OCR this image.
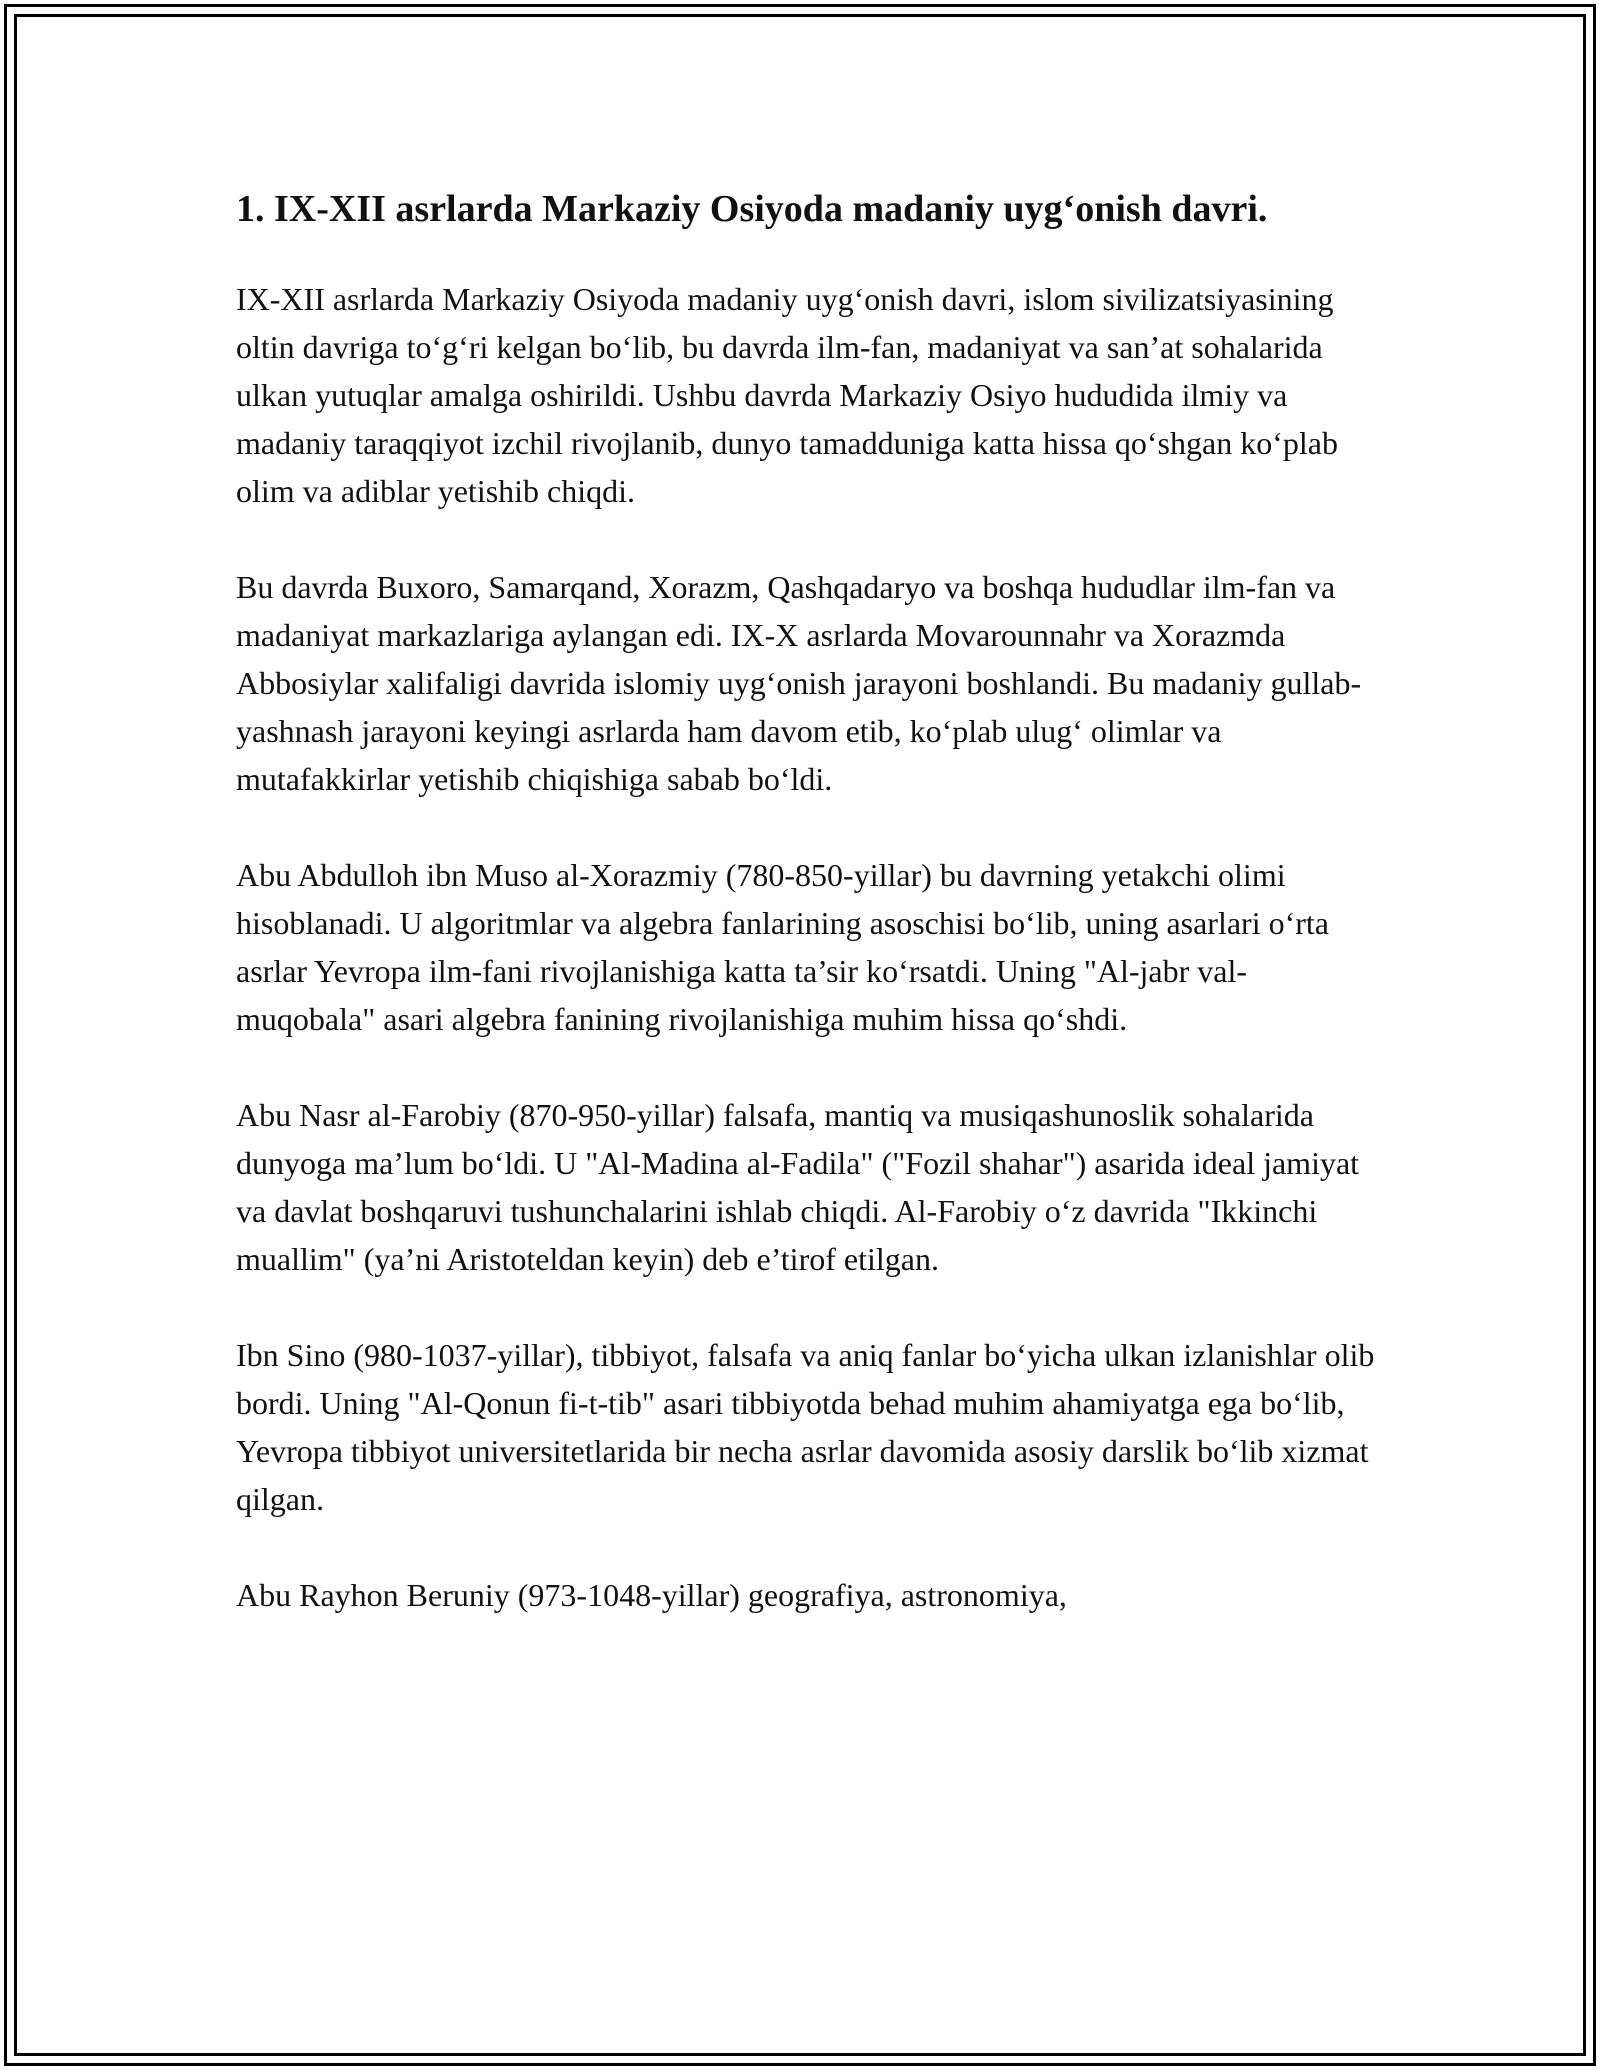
1. IX-XII asrlarda Markaziy Osiyoda madaniy uyg‘onish davri.

IX-XII asrlarda Markaziy Osiyoda madaniy uyg‘onish davri, islom sivilizatsiyasining oltin davriga to‘g‘ri kelgan bo‘lib, bu davrda ilm-fan, madaniyat va san’at sohalarida ulkan yutuqlar amalga oshirildi. Ushbu davrda Markaziy Osiyo hududida ilmiy va madaniy taraqqiyot izchil rivojlanib, dunyo tamadduniga katta hissa qo‘shgan ko‘plab olim va adiblar yetishib chiqdi.

Bu davrda Buxoro, Samarqand, Xorazm, Qashqadaryo va boshqa hududlar ilm-fan va madaniyat markazlariga aylangan edi. IX-X asrlarda Movarounnahr va Xorazmda Abbosiylar xalifaligi davrida islomiy uyg‘onish jarayoni boshlandi. Bu madaniy gullab-yashnash jarayoni keyingi asrlarda ham davom etib, ko‘plab ulug‘ olimlar va mutafakkirlar yetishib chiqishiga sabab bo‘ldi.

Abu Abdulloh ibn Muso al-Xorazmiy (780-850-yillar) bu davrning yetakchi olimi hisoblanadi. U algoritmlar va algebra fanlarining asoschisi bo‘lib, uning asarlari o‘rta asrlar Yevropa ilm-fani rivojlanishiga katta ta’sir ko‘rsatdi. Uning "Al-jabr val-muqobala" asari algebra fanining rivojlanishiga muhim hissa qo‘shdi.

Abu Nasr al-Farobiy (870-950-yillar) falsafa, mantiq va musiqashunoslik sohalarida dunyoga ma’lum bo‘ldi. U "Al-Madina al-Fadila" ("Fozil shahar") asarida ideal jamiyat va davlat boshqaruvi tushunchalarini ishlab chiqdi. Al-Farobiy o‘z davrida "Ikkinchi muallim" (ya’ni Aristoteldan keyin) deb e’tirof etilgan.

Ibn Sino (980-1037-yillar), tibbiyot, falsafa va aniq fanlar bo‘yicha ulkan izlanishlar olib bordi. Uning "Al-Qonun fi-t-tib" asari tibbiyotda behad muhim ahamiyatga ega bo‘lib, Yevropa tibbiyot universitetlarida bir necha asrlar davomida asosiy darslik bo‘lib xizmat qilgan.

Abu Rayhon Beruniy (973-1048-yillar) geografiya, astronomiya,
